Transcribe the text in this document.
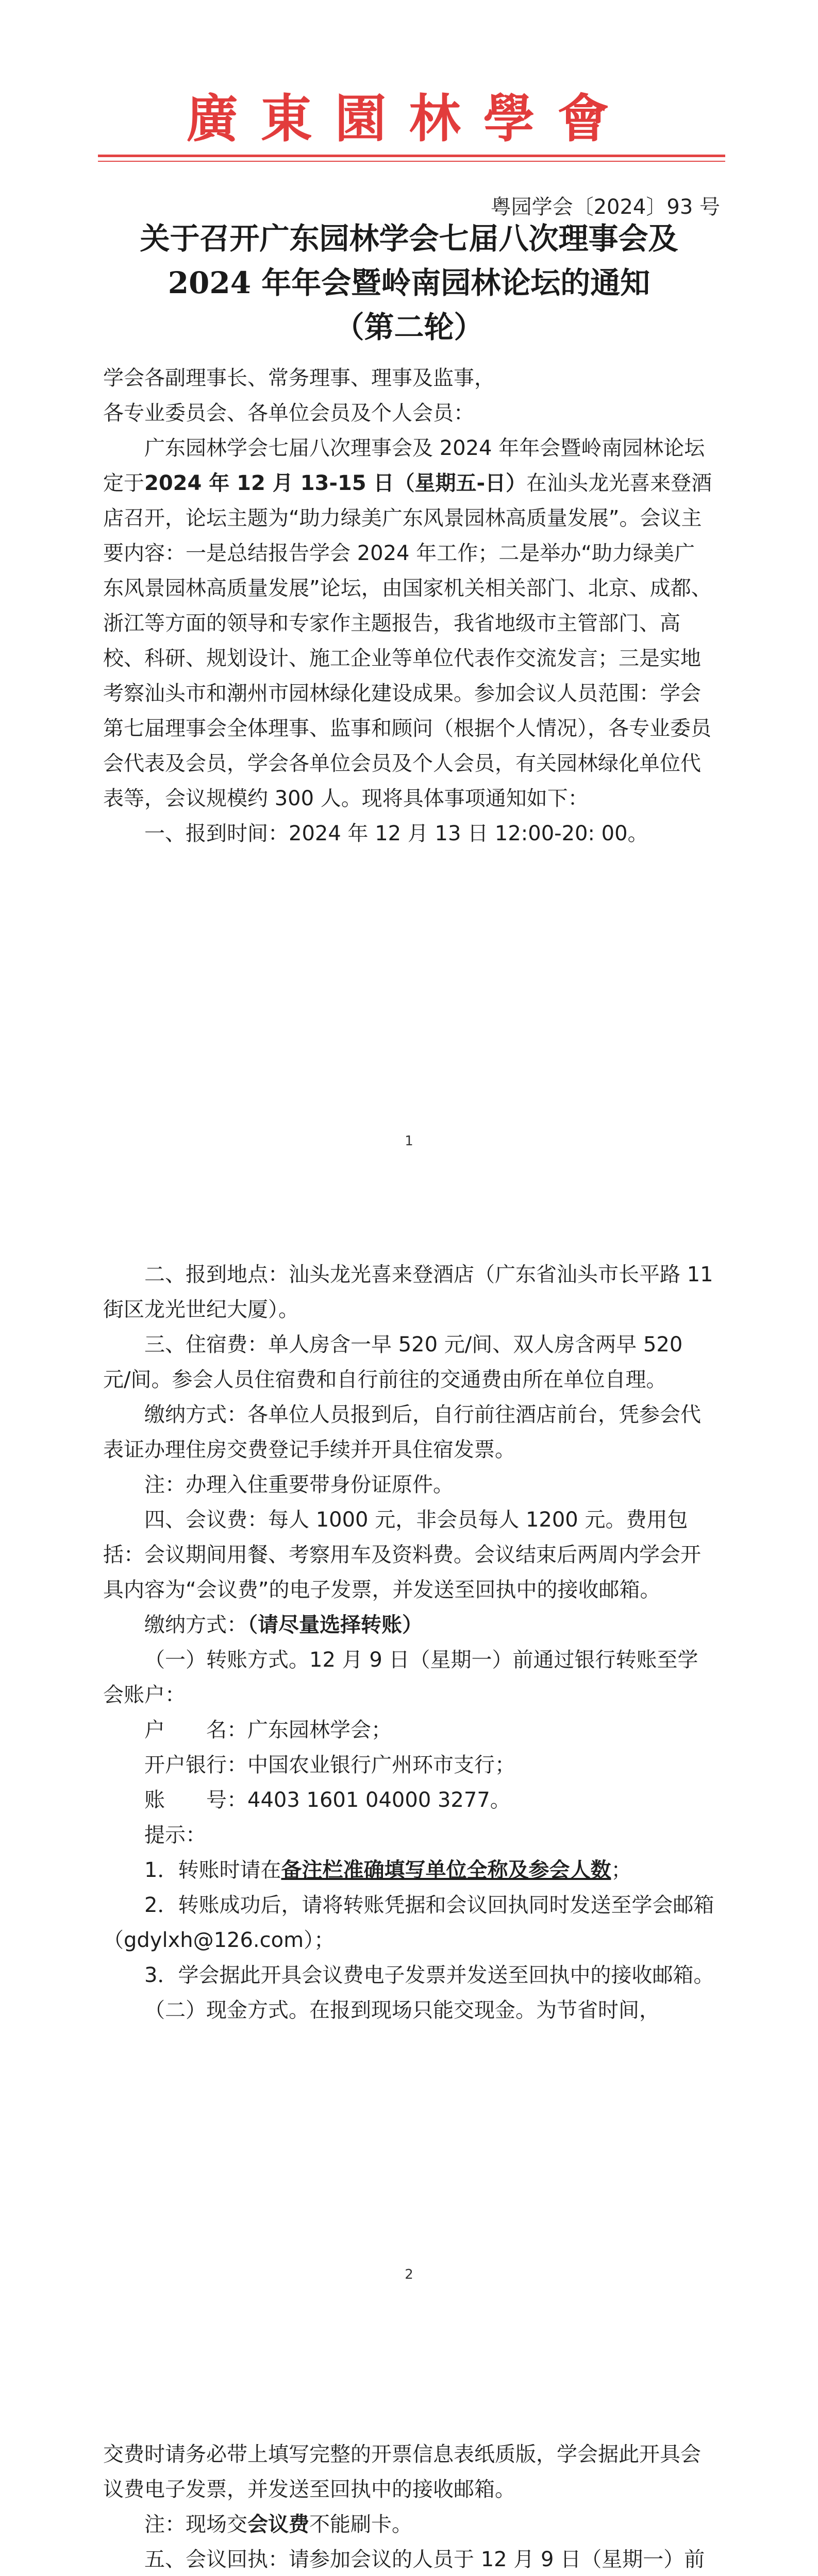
廣東園林學會
粤园学会〔2024〕93 号
关于召开广东园林学会七届八次理事会及
2024 年年会暨岭南园林论坛的通知
（第二轮）

学会各副理事长、常务理事、理事及监事，

各专业委员会、各单位会员及个人会员：

广东园林学会七届八次理事会及 2024 年年会暨岭南园林论坛定于2024 年 12 月 13-15 日（星期五-日）在汕头龙光喜来登酒店召开，论坛主题为“助力绿美广东风景园林高质量发展”。会议主要内容：一是总结报告学会 2024 年工作；二是举办“助力绿美广东风景园林高质量发展”论坛，由国家机关相关部门、北京、成都、浙江等方面的领导和专家作主题报告，我省地级市主管部门、高校、科研、规划设计、施工企业等单位代表作交流发言；三是实地考察汕头市和潮州市园林绿化建设成果。参加会议人员范围：学会第七届理事会全体理事、监事和顾问（根据个人情况），各专业委员会代表及会员，学会各单位会员及个人会员，有关园林绿化单位代表等，会议规模约 300 人。现将具体事项通知如下：

一、报到时间：2024 年 12 月 13 日 12:00-20: 00。

1

二、报到地点：汕头龙光喜来登酒店（广东省汕头市长平路 11 街区龙光世纪大厦）。

三、住宿费：单人房含一早 520 元/间、双人房含两早 520 元/间。参会人员住宿费和自行前往的交通费由所在单位自理。

缴纳方式：各单位人员报到后，自行前往酒店前台，凭参会代表证办理住房交费登记手续并开具住宿发票。

注：办理入住重要带身份证原件。

四、会议费：每人 1000 元，非会员每人 1200 元。费用包括：会议期间用餐、考察用车及资料费。会议结束后两周内学会开具内容为“会议费”的电子发票，并发送至回执中的接收邮箱。

缴纳方式：（请尽量选择转账）

（一）转账方式。12 月 9 日（星期一）前通过银行转账至学会账户：

户　　名：广东园林学会；

开户银行：中国农业银行广州环市支行；

账　　号：4403 1601 04000 3277。

提示：

1．转账时请在备注栏准确填写单位全称及参会人数；

2．转账成功后，请将转账凭据和会议回执同时发送至学会邮箱（gdylxh@126.com）；

3．学会据此开具会议费电子发票并发送至回执中的接收邮箱。

（二）现金方式。在报到现场只能交现金。为节省时间，

2

交费时请务必带上填写完整的开票信息表纸质版，学会据此开具会议费电子发票，并发送至回执中的接收邮箱。

注：现场交会议费不能刷卡。

五、会议回执：请参加会议的人员于 12 月 9 日（星期一）前
